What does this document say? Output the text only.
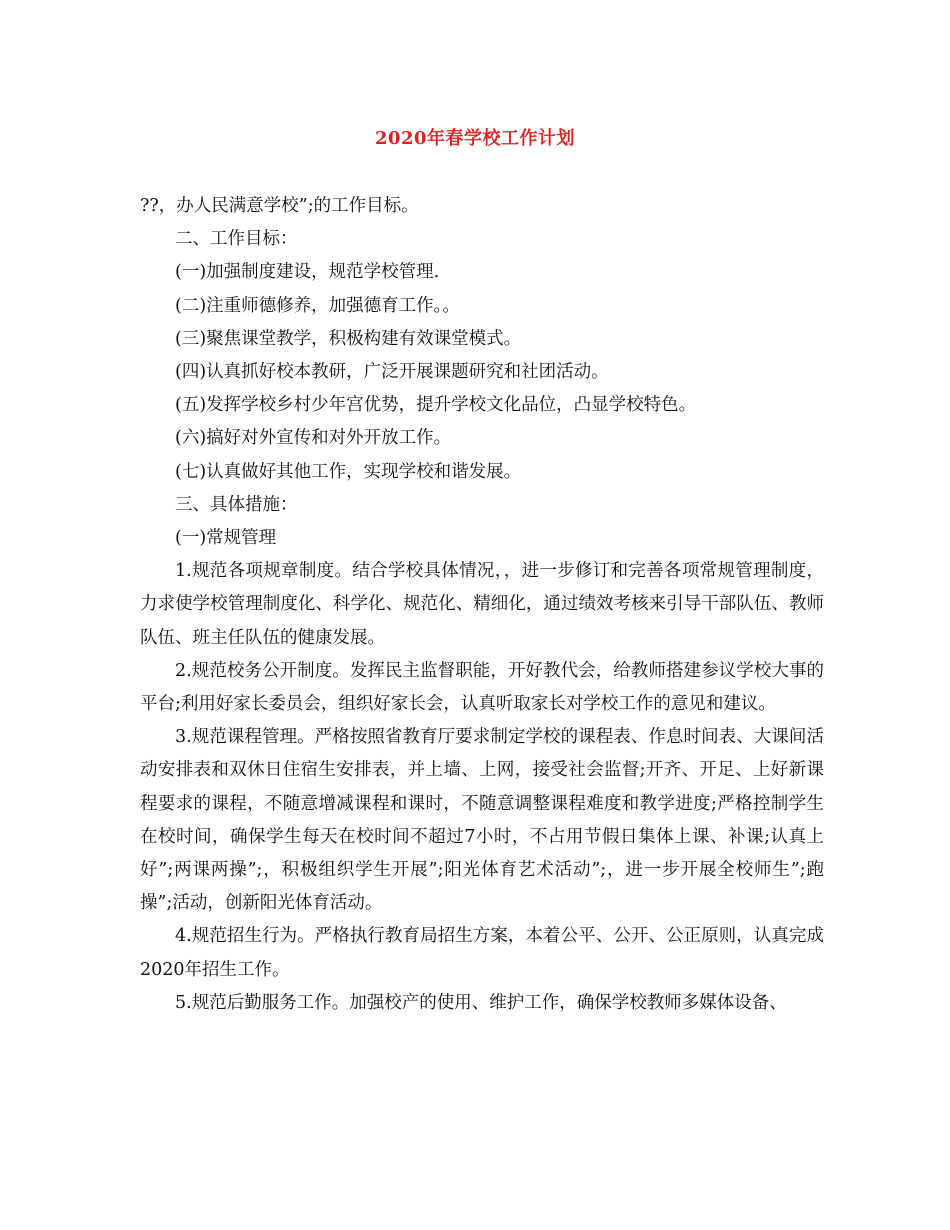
2020年春学校工作计划

??，办人民满意学校”;的工作目标。

二、工作目标：

(一)加强制度建设，规范学校管理.

(二)注重师德修养，加强德育工作。。

(三)聚焦课堂教学，积极构建有效课堂模式。

(四)认真抓好校本教研，广泛开展课题研究和社团活动。

(五)发挥学校乡村少年宫优势，提升学校文化品位，凸显学校特色。

(六)搞好对外宣传和对外开放工作。

(七)认真做好其他工作，实现学校和谐发展。

三、具体措施：

(一)常规管理

1.规范各项规章制度。结合学校具体情况，，进一步修订和完善各项常规管理制度，力求使学校管理制度化、科学化、规范化、精细化，通过绩效考核来引导干部队伍、教师队伍、班主任队伍的健康发展。

2.规范校务公开制度。发挥民主监督职能，开好教代会，给教师搭建参议学校大事的平台;利用好家长委员会，组织好家长会，认真听取家长对学校工作的意见和建议。

3.规范课程管理。严格按照省教育厅要求制定学校的课程表、作息时间表、大课间活动安排表和双休日住宿生安排表，并上墙、上网，接受社会监督;开齐、开足、上好新课程要求的课程，不随意增减课程和课时，不随意调整课程难度和教学进度;严格控制学生在校时间，确保学生每天在校时间不超过7小时，不占用节假日集体上课、补课;认真上好”;两课两操”;，积极组织学生开展”;阳光体育艺术活动”;，进一步开展全校师生”;跑操”;活动，创新阳光体育活动。

4.规范招生行为。严格执行教育局招生方案，本着公平、公开、公正原则，认真完成2020年招生工作。

5.规范后勤服务工作。加强校产的使用、维护工作，确保学校教师多媒体设备、
